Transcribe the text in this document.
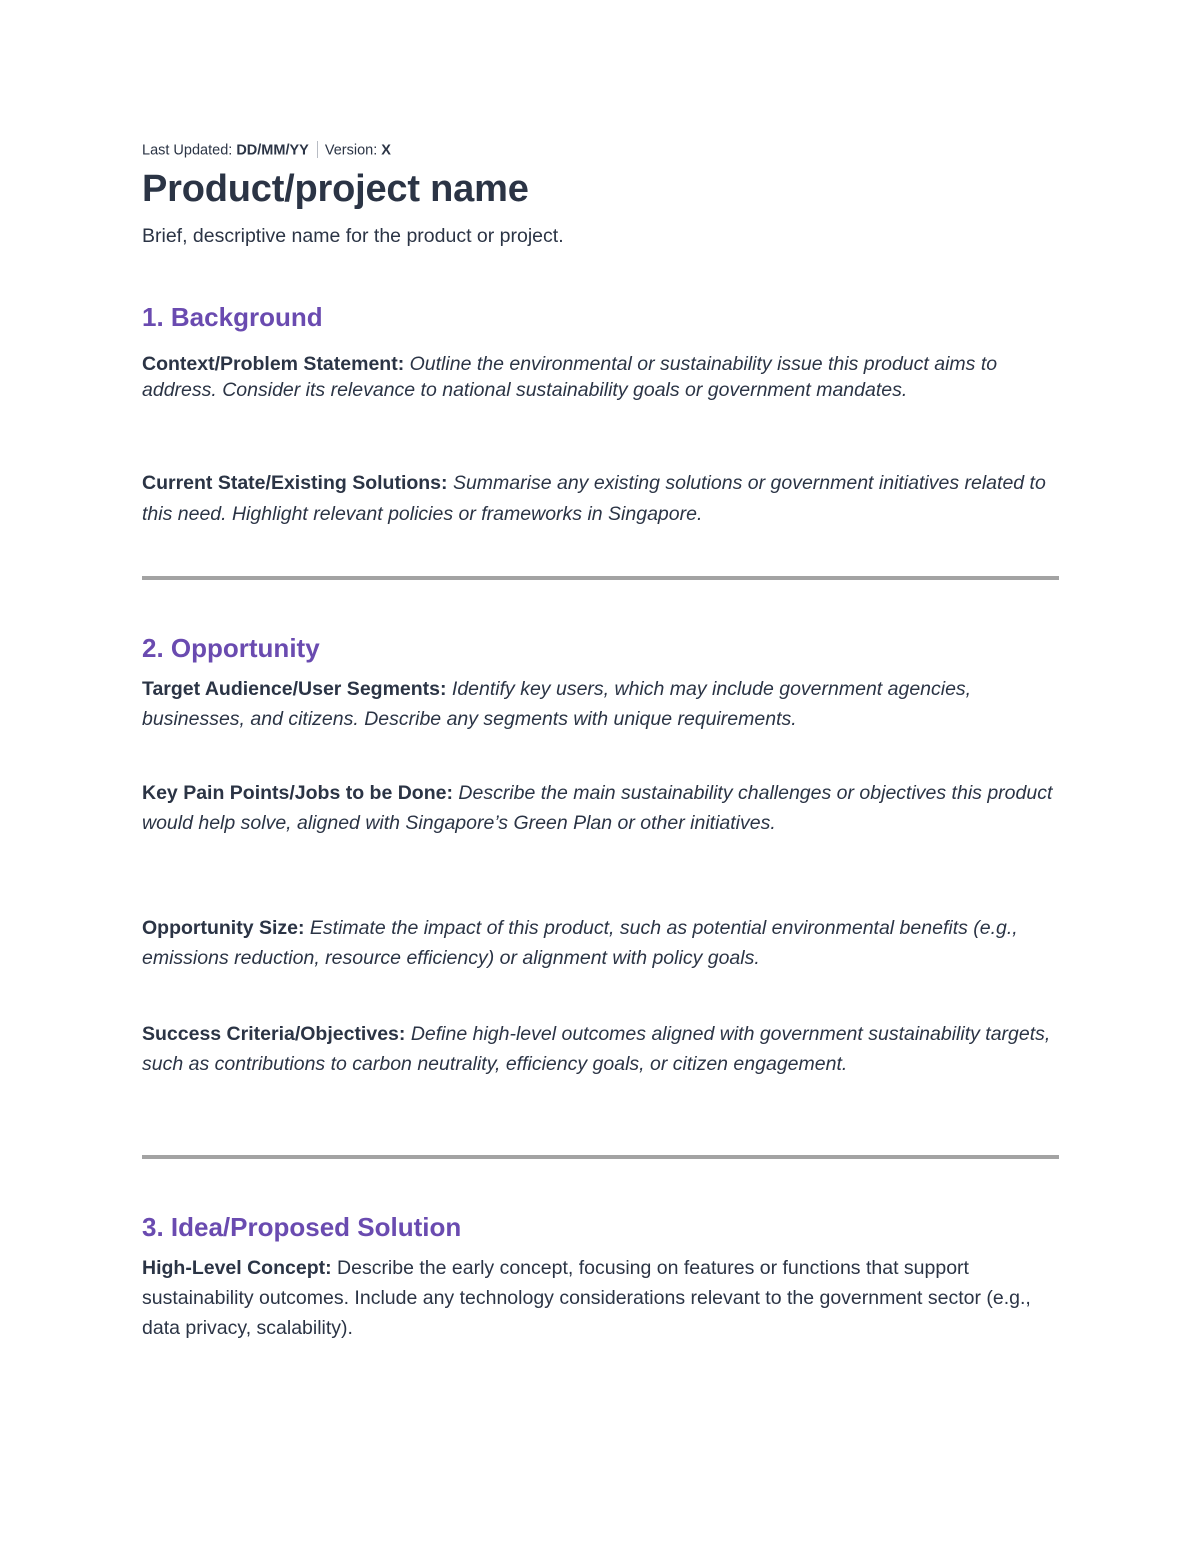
Last Updated: DD/MM/YY Version: X
Product/project name

Brief, descriptive name for the product or project.

1. Background

Context/Problem Statement: Outline the environmental or sustainability issue this product aims to address. Consider its relevance to national sustainability goals or government mandates.

Current State/Existing Solutions: Summarise any existing solutions or government initiatives related to this need. Highlight relevant policies or frameworks in Singapore.

2. Opportunity

Target Audience/User Segments: Identify key users, which may include government agencies, businesses, and citizens. Describe any segments with unique requirements.

Key Pain Points/Jobs to be Done: Describe the main sustainability challenges or objectives this product would help solve, aligned with Singapore’s Green Plan or other initiatives.

Opportunity Size: Estimate the impact of this product, such as potential environmental benefits (e.g., emissions reduction, resource efficiency) or alignment with policy goals.

Success Criteria/Objectives: Define high-level outcomes aligned with government sustainability targets, such as contributions to carbon neutrality, efficiency goals, or citizen engagement.

3. Idea/Proposed Solution

High-Level Concept: Describe the early concept, focusing on features or functions that support sustainability outcomes. Include any technology considerations relevant to the government sector (e.g., data privacy, scalability).
